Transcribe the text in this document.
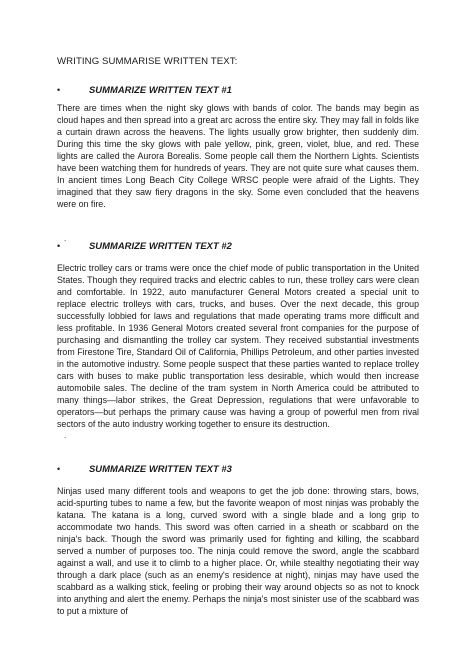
WRITING SUMMARISE WRITTEN TEXT:
•	SUMMARIZE WRITTEN TEXT #1

There are times when the night sky glows with bands of color. The bands may begin as cloud hapes and then spread into a great arc across the entire sky. They may fall in folds like a curtain drawn across the heavens. The lights usually grow brighter, then suddenly dim. During this time the sky glows with pale yellow, pink, green, violet, blue, and red. These lights are called the Aurora Borealis. Some people call them the Northern Lights. Scientists have been watching them for hundreds of years. They are not quite sure what causes them. In ancient times Long Beach City College WRSC people were afraid of the Lights. They imagined that they saw fiery dragons in the sky. Some even concluded that the heavens were on fire.

.
•	SUMMARIZE WRITTEN TEXT #2

Electric trolley cars or trams were once the chief mode of public transportation in the United States. Though they required tracks and electric cables to run, these trolley cars were clean and comfortable. In 1922, auto manufacturer General Motors created a special unit to replace electric trolleys with cars, trucks, and buses. Over the next decade, this group successfully lobbied for laws and regulations that made operating trams more difficult and less profitable. In 1936 General Motors created several front companies for the purpose of purchasing and dismantling the trolley car system. They received substantial investments from Firestone Tire, Standard Oil of California, Phillips Petroleum, and other parties invested in the automotive industry. Some people suspect that these parties wanted to replace trolley cars with buses to make public transportation less desirable, which would then increase automobile sales. The decline of the tram system in North America could be attributed to many things—labor strikes, the Great Depression, regulations that were unfavorable to operators—but perhaps the primary cause was having a group of powerful men from rival sectors of the auto industry working together to ensure its destruction.

.
•	SUMMARIZE WRITTEN TEXT #3

Ninjas used many different tools and weapons to get the job done: throwing stars, bows, acid-spurting tubes to name a few, but the favorite weapon of most ninjas was probably the katana. The katana is a long, curved sword with a single blade and a long grip to accommodate two hands. This sword was often carried in a sheath or scabbard on the ninja's back. Though the sword was primarily used for fighting and killing, the scabbard served a number of purposes too. The ninja could remove the sword, angle the scabbard against a wall, and use it to climb to a higher place. Or, while stealthy negotiating their way through a dark place (such as an enemy's residence at night), ninjas may have used the scabbard as a walking stick, feeling or probing their way around objects so as not to knock into anything and alert the enemy. Perhaps the ninja's most sinister use of the scabbard was to put a mixture of
